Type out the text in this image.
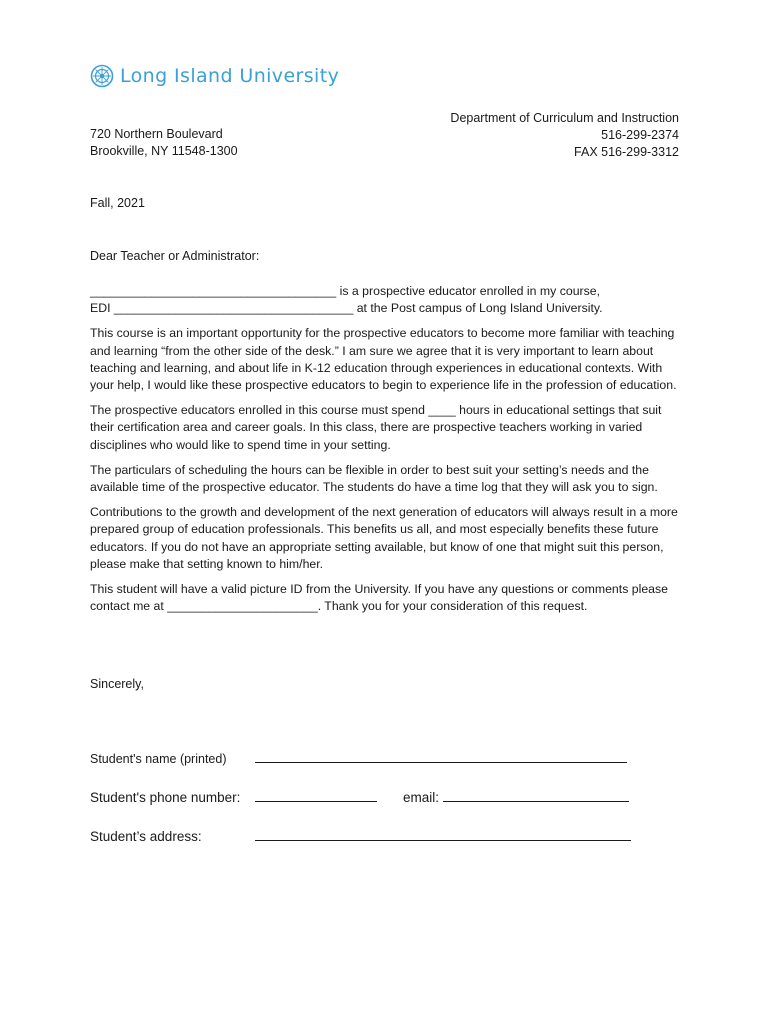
Long Island University
Department of Curriculum and Instruction
516-299-2374
FAX 516-299-3312
720 Northern Boulevard
Brookville, NY 11548-1300
Fall, 2021
Dear Teacher or Administrator:

____________________________________ is a prospective educator enrolled in my course,

EDI ___________________________________ at the Post campus of Long Island University.

This course is an important opportunity for the prospective educators to become more familiar with teaching and learning “from the other side of the desk.” I am sure we agree that it is very important to learn about teaching and learning, and about life in K-12 education through experiences in educational contexts. With your help, I would like these prospective educators to begin to experience life in the profession of education.

The prospective educators enrolled in this course must spend ____ hours in educational settings that suit their certification area and career goals. In this class, there are prospective teachers working in varied disciplines who would like to spend time in your setting.

The particulars of scheduling the hours can be flexible in order to best suit your setting’s needs and the available time of the prospective educator. The students do have a time log that they will ask you to sign.

Contributions to the growth and development of the next generation of educators will always result in a more prepared group of education professionals. This benefits us all, and most especially benefits these future educators. If you do not have an appropriate setting available, but know of one that might suit this person, please make that setting known to him/her.

This student will have a valid picture ID from the University. If you have any questions or comments please contact me at ______________________. Thank you for your consideration of this request.

Sincerely,
Student's name (printed)
Student's phone number:	email:
Student’s address:
